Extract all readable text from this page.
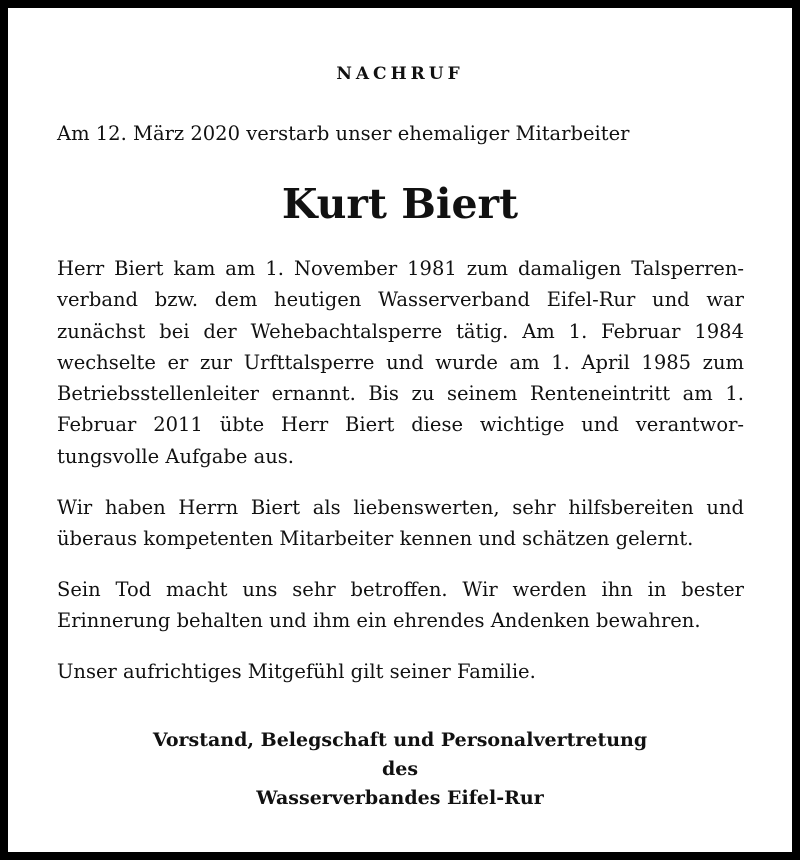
NACHRUF
Am 12. März 2020 verstarb unser ehemaliger Mitarbeiter
Kurt Biert
Herr Biert kam am 1. November 1981 zum damaligen Talsperrenverband bzw. dem heutigen Wasserverband Eifel-Rur und war zunächst bei der Wehebachtalsperre tätig. Am 1. Februar 1984 wechselte er zur Urfttalsperre und wurde am 1. April 1985 zum Betriebsstellenleiter ernannt. Bis zu seinem Renteneintritt am 1. Februar 2011 übte Herr Biert diese wichtige und verantwortungsvolle Aufgabe aus.
Wir haben Herrn Biert als liebenswerten, sehr hilfsbereiten und überaus kompetenten Mitarbeiter kennen und schätzen gelernt.
Sein Tod macht uns sehr betroffen. Wir werden ihn in bester Erinnerung behalten und ihm ein ehrendes Andenken bewahren.
Unser aufrichtiges Mitgefühl gilt seiner Familie.
Vorstand, Belegschaft und Personalvertretung
des
Wasserverbandes Eifel-Rur
